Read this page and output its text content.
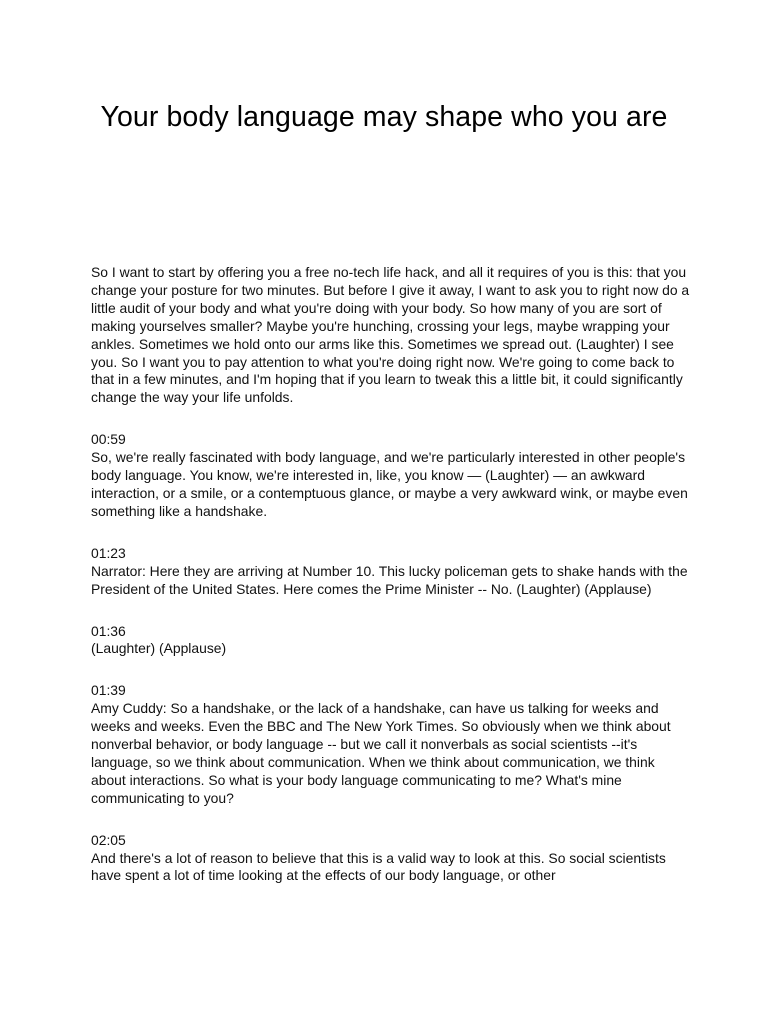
Your body language may shape who you are

So I want to start by offering you a free no-tech life hack, and all it requires of you is this: that you change your posture for two minutes. But before I give it away, I want to ask you to right now do a little audit of your body and what you're doing with your body. So how many of you are sort of making yourselves smaller? Maybe you're hunching, crossing your legs, maybe wrapping your ankles. Sometimes we hold onto our arms like this. Sometimes we spread out. (Laughter) I see you. So I want you to pay attention to what you're doing right now. We're going to come back to that in a few minutes, and I'm hoping that if you learn to tweak this a little bit, it could significantly change the way your life unfolds.

00:59
So, we're really fascinated with body language, and we're particularly interested in other people's body language. You know, we're interested in, like, you know — (Laughter) — an awkward interaction, or a smile, or a contemptuous glance, or maybe a very awkward wink, or maybe even something like a handshake.

01:23
Narrator: Here they are arriving at Number 10. This lucky policeman gets to shake hands with the President of the United States. Here comes the Prime Minister -- No. (Laughter) (Applause)

01:36
(Laughter) (Applause)

01:39
Amy Cuddy: So a handshake, or the lack of a handshake, can have us talking for weeks and weeks and weeks. Even the BBC and The New York Times. So obviously when we think about nonverbal behavior, or body language -- but we call it nonverbals as social scientists --it's language, so we think about communication. When we think about communication, we think about interactions. So what is your body language communicating to me? What's mine communicating to you?

02:05
And there's a lot of reason to believe that this is a valid way to look at this. So social scientists have spent a lot of time looking at the effects of our body language, or other
